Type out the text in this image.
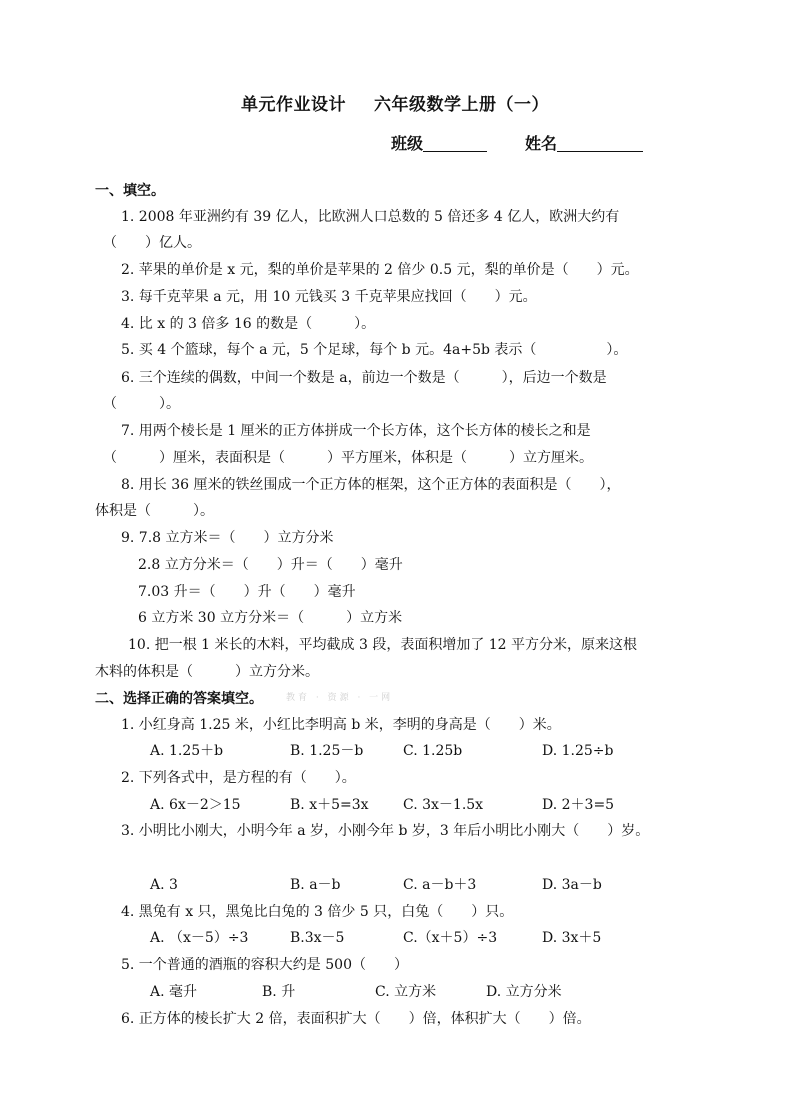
单元作业设计 六年级数学上册（一）
班级	姓名
一、填空。
1. 2008 年亚洲约有 39 亿人，比欧洲人口总数的 5 倍还多 4 亿人，欧洲大约有
（　　）亿人。
2. 苹果的单价是 x 元，梨的单价是苹果的 2 倍少 0.5 元，梨的单价是（　　）元。
3. 每千克苹果 a 元，用 10 元钱买 3 千克苹果应找回（　　）元。
4. 比 x 的 3 倍多 16 的数是（　　　）。
5. 买 4 个篮球，每个 a 元，5 个足球，每个 b 元。4a+5b 表示（　　　　　）。
6. 三个连续的偶数，中间一个数是 a，前边一个数是（　　　），后边一个数是
（　　　）。
7. 用两个棱长是 1 厘米的正方体拼成一个长方体，这个长方体的棱长之和是
（　　　）厘米，表面积是（　　　）平方厘米，体积是（　　　）立方厘米。
8. 用长 36 厘米的铁丝围成一个正方体的框架，这个正方体的表面积是（　　），
体积是（　　　）。
9. 7.8 立方米＝（　　）立方分米
2.8 立方分米＝（　　）升＝（　　）毫升
7.03 升＝（　　）升（　　）毫升
6 立方米 30 立方分米＝（　　　）立方米
10. 把一根 1 米长的木料，平均截成 3 段，表面积增加了 12 平方分米，原来这根
木料的体积是（　　　）立方分米。
二、选择正确的答案填空。	教育 · 资源 · 一网
1. 小红身高 1.25 米，小红比李明高 b 米，李明的身高是（　　）米。
A. 1.25＋b	B. 1.25－b	C. 1.25b	D. 1.25÷b
2. 下列各式中，是方程的有（　　）。
A. 6x－2＞15	B. x＋5=3x C. 3x－1.5x	D. 2＋3=5
3. 小明比小刚大，小明今年 a 岁，小刚今年 b 岁，3 年后小明比小刚大（　　）岁。
A. 3	B. a－b	C. a－b＋3	D. 3a－b
4. 黑兔有 x 只，黑兔比白兔的 3 倍少 5 只，白兔（　　）只。
A. （x－5）÷3	B.3x－5	C.（x＋5）÷3	D. 3x＋5
5. 一个普通的酒瓶的容积大约是 500（　　）
A. 毫升	B. 升	C. 立方米	D. 立方分米
6. 正方体的棱长扩大 2 倍，表面积扩大（　　）倍，体积扩大（　　）倍。
